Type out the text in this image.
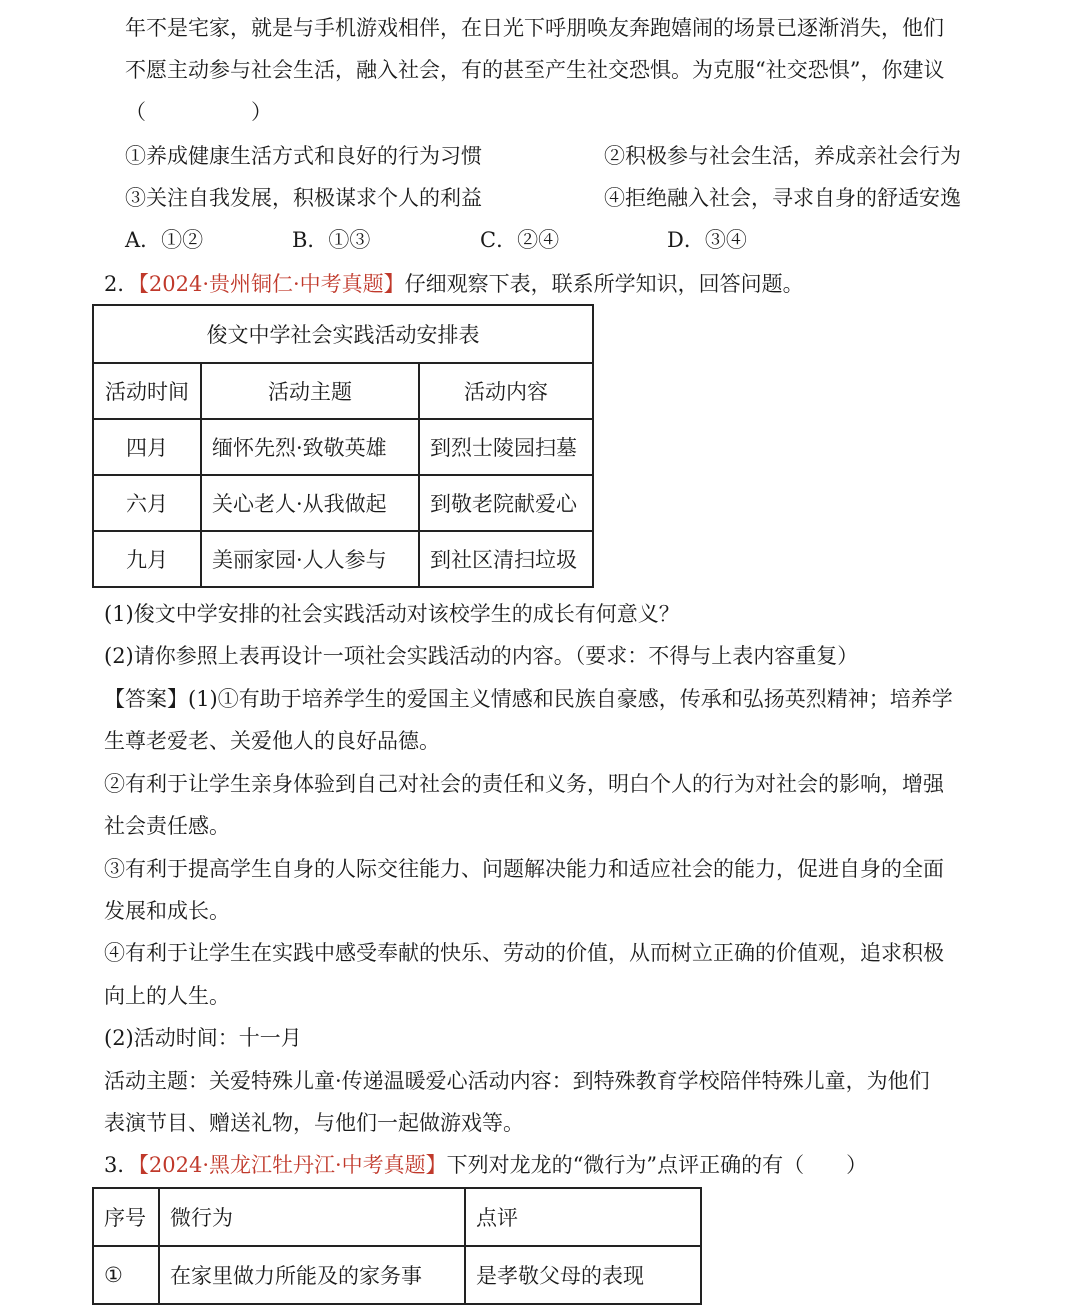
年不是宅家，就是与手机游戏相伴，在日光下呼朋唤友奔跑嬉闹的场景已逐渐消失，他们
不愿主动参与社会生活，融入社会，有的甚至产生社交恐惧。为克服“社交恐惧”，你建议
（　　　　　）
①养成健康生活方式和良好的行为习惯	②积极参与社会生活，养成亲社会行为
③关注自我发展，积极谋求个人的利益	④拒绝融入社会，寻求自身的舒适安逸
A．①②	B．①③	C．②④	D．③④
2．【2024·贵州铜仁·中考真题】仔细观察下表，联系所学知识，回答问题。
俊文中学社会实践活动安排表		
活动时间	活动主题	活动内容
四月	缅怀先烈·致敬英雄	到烈士陵园扫墓
六月	关心老人·从我做起	到敬老院献爱心
九月	美丽家园·人人参与	到社区清扫垃圾
(1)俊文中学安排的社会实践活动对该校学生的成长有何意义？
(2)请你参照上表再设计一项社会实践活动的内容。（要求：不得与上表内容重复）
【答案】(1)①有助于培养学生的爱国主义情感和民族自豪感，传承和弘扬英烈精神；培养学
生尊老爱老、关爱他人的良好品德。
②有利于让学生亲身体验到自己对社会的责任和义务，明白个人的行为对社会的影响，增强
社会责任感。
③有利于提高学生自身的人际交往能力、问题解决能力和适应社会的能力，促进自身的全面
发展和成长。
④有利于让学生在实践中感受奉献的快乐、劳动的价值，从而树立正确的价值观，追求积极
向上的人生。
(2)活动时间：十一月
活动主题：关爱特殊儿童·传递温暖爱心活动内容：到特殊教育学校陪伴特殊儿童，为他们
表演节目、赠送礼物，与他们一起做游戏等。
3．【2024·黑龙江牡丹江·中考真题】下列对龙龙的“微行为”点评正确的有（　　）
序号	微行为	点评
①	在家里做力所能及的家务事	是孝敬父母的表现
